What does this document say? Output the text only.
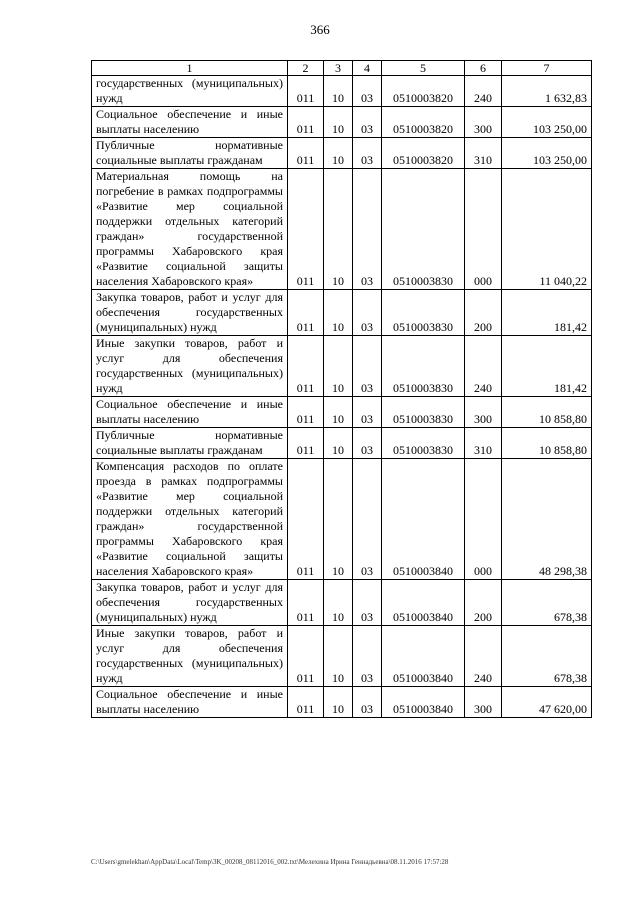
366
1	2	3	4	5	6	7
государственных (муниципальных) нужд	011	10	03	0510003820	240	1 632,83
Социальное обеспечение и иные выплаты населению	011	10	03	0510003820	300	103 250,00
Публичные нормативные социальные выплаты гражданам	011	10	03	0510003820	310	103 250,00
Материальная помощь на погребение в рамках подпрограммы «Развитие мер социальной поддержки отдельных категорий граждан» государственной программы Хабаровского края «Развитие социальной защиты населения Хабаровского края»	011	10	03	0510003830	000	11 040,22
Закупка товаров, работ и услуг для обеспечения государственных (муниципальных) нужд	011	10	03	0510003830	200	181,42
Иные закупки товаров, работ и услуг для обеспечения государственных (муниципальных) нужд	011	10	03	0510003830	240	181,42
Социальное обеспечение и иные выплаты населению	011	10	03	0510003830	300	10 858,80
Публичные нормативные социальные выплаты гражданам	011	10	03	0510003830	310	10 858,80
Компенсация расходов по оплате проезда в рамках подпрограммы «Развитие мер социальной поддержки отдельных категорий граждан» государственной программы Хабаровского края «Развитие социальной защиты населения Хабаровского края»	011	10	03	0510003840	000	48 298,38
Закупка товаров, работ и услуг для обеспечения государственных (муниципальных) нужд	011	10	03	0510003840	200	678,38
Иные закупки товаров, работ и услуг для обеспечения государственных (муниципальных) нужд	011	10	03	0510003840	240	678,38
Социальное обеспечение и иные выплаты населению	011	10	03	0510003840	300	47 620,00
C:\Users\gmelekhan\AppData\Local\Temp\3K_00208_08112016_002.txt\Мелехина Ирина Геннадьевна\08.11.2016 17:57:28
